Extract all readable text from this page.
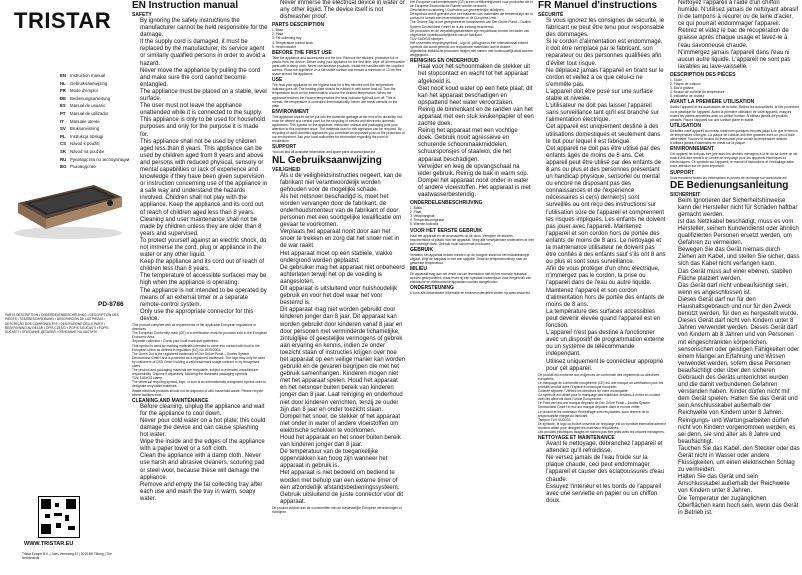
TRISTAR
EN Instruction manual
NL Gebruiksaanwijzing
FR Mode d'emploi
DE Bedienungsanleitung
ES Manual de usuario
PT Manual de utilizador
IT Manuale utente
SV Bruksanvisning
PL Instrukcja obsługi
CS Návod k použití
SK Návod na použitie
RU Руководство по эксплуатации
BG Ръководство
PD-8786
PARTS DESCRIPTION • ONDERDELENBESCHRIJVING • DESCRIPTION DES PIÈCES • TEILEBESCHREIBUNG • DESCRIPCIÓN DE LAS PIEZAS • DESCRIÇÃO DOS COMPONENTES • DESCRIZIONE DELLE PARTI • BESKRIVNING AV DELAR • OPIS CZĘŚCI • POPIS SOUČÁSTÍ • POPIS SÚČASTÍ • ОПИСАНИЕ ДЕТАЛЕЙ • ОПИСАНИЕ НА ЧАСТИТЕ
WWW.TRISTAR.EU
Tristar Europe B.V. | Jules Verneweg 87 | 5015 BH Tilburg | The Netherlands
EN Instruction manual
SAFETY
• By ignoring the safety instructions the manufacturer cannot be held responsible for the damage.
• If the supply cord is damaged, it must be replaced by the manufacturer, its service agent or similarly qualified persons in order to avoid a hazard.
• Never move the appliance by pulling the cord and make sure the cord cannot become entangled.
• The appliance must be placed on a stable, level surface.
• The user must not leave the appliance unattended while it is connected to the supply.
• This appliance is only to be used for household purposes and only for the purpose it is made for.
• This appliance shall not be used by children aged less than 8 years. This appliance can be used by children aged from 8 years and above and persons with reduced physical, sensory or mental capabilities or lack of experience and knowledge if they have been given supervision or instruction concerning use of the appliance in a safe way and understand the hazards involved. Children shall not play with the appliance. Keep the appliance and its cord out of reach of children aged less than 8 years. Cleaning and user maintenance shall not be made by children unless they are older than 8 years and supervised.
• To protect yourself against an electric shock, do not immerse the cord, plug or appliance in the water or any other liquid.
• Keep the appliance and its cord out of reach of children less than 8 years.
• The temperature of accessible surfaces may be high when the appliance is operating.
• The appliance is not intended to be operated by means of an external timer or a separate remote-control system.
• Only use the appropriate connector for this device.

This product complies with all requirements of the applicable European regulations or directives.

The European Conformity mark (CE) is a certification mark for products sold in the European Economic Area.

Separate collection / Check your local municipal guidelines.

This symbol is used for marking materials intended to come into contact with food in the European Union as defined in regulation (EC) No 1935/2004.

The Green Dot is the registered trademark of Der Grüne Punkt – Duales System Deutschland GmbH and is protected as a registered trademark. The logo may only be used by customers of DSD GmbH holding a valid trademark usage contract or by recognised users.

The product and packaging materials are recyclable, subject to extended manufacturer responsibility. Dispose it separately, following the illustrated packaging symbols.

TUV SUD/GS stamp

The universal recycling symbol, logo, or icon is an internationally recognized symbol used to designate recyclable materials.

Waste electrical products should not be disposed of with household waste. Please recycle where facilities exist.

CLEANING AND MAINTENANCE
• Before cleaning, unplug the appliance and wait for the appliance to cool down.
• Never pour cold water on a hot plate; this could damage the device and can cause splashing hot water.
• Wipe the inside and the edges of the appliance with a paper towel or a soft cloth.
• Clean the appliance with a damp cloth. Never use harsh and abrasive cleaners, scouring pad or steel wool, because these will damage the appliance.
• Remove and empty the fat collecting tray after each use and wash the tray in warm, soapy water.
• Never immerse the electrical device in water or any other liquid. The device itself is not dishwasher proof.
PARTS DESCRIPTION

1. Base

2. Plate

3. Fat collecting tray

4. Temperature control knob

5. Heat indicator

BEFORE THE FIRST USE

Take the appliance and accessories out the box. Remove the stickers, protective foil or plastic from the device. Before using your appliance for the first time, wipe off all removable parts with a damp cloth. Never use abrasive products. Install the handles with the supplied screws. Place the appliance on a flat stable surface and ensure a minimum of 10 cm free space around the appliance.

USE

The heat your appliance on the highest heat for a few minutes until the temperature indicator goes off. The heating plate should be rubbed in with some food oil. Turn the temperature knob on the thermostat to choose the desired temperature. When the appliance reaches the chosen temperature the heat indicator light will turn off. This is normal; the temperature is controlled thermostatically. Never use metal utensils on the plate.

ENVIRONMENT

This appliance should not be put into the domestic garbage at the end of its durability, but must be offered at a central point for the recycling of electric and electronic domestic appliances. This symbol on the appliance, instruction manual and packaging puts your attention to this important issue. The materials used in this appliance can be recycled. By recycling of used domestic appliances you contribute an important push to the protection of our environment. Ask your local authorities for information regarding the point of recollection.

SUPPORT

You can find all available information and spare parts at www.tristar.eu!

NL Gebruiksaanwijzing
VEILIGHEID
• Als u de veiligheidsinstructies negeert, kan de fabrikant niet verantwoordelijk worden gehouden voor de mogelijke schade.
• Als het netsnoer beschadigd is, moet het worden vervangen door de fabrikant, de onderhoudsmonteur van de fabrikant of door personen met een soortgelijke kwalificatie om gevaar te voorkomen.
• Verplaats het apparaat nooit door aan het snoer te trekken en zorg dat het snoer niet in de war raakt.
• Het apparaat moet op een stabiele, vlakke ondergrond worden geplaatst.
• De gebruiker mag het apparaat niet onbeheerd achterlaten terwijl het op de voeding is aangesloten.
• Dit apparaat is uitsluitend voor huishoudelijk gebruik en voor het doel waar het voor bestemd is.
• Dit apparaat mag niet worden gebruikt door kinderen jonger dan 8 jaar. Dit apparaat kan worden gebruikt door kinderen vanaf 8 jaar en door personen met verminderde lichamelijke, zintuiglijke of geestelijke vermogens of gebrek aan ervaring en kennis, indien ze onder toezicht staan of instructies krijgen over hoe het apparaat op een veilige manier kan worden gebruikt en de gevaren begrijpen die met het gebruik samenhangen. Kinderen mogen niet met het apparaat spelen. Houd het apparaat en het netsnoer buiten bereik van kinderen jonger dan 8 jaar. Laat reiniging en onderhoud niet door kinderen verrichten, tenzij ze ouder zijn dan 8 jaar en onder toezicht staan.
• Dompel het snoer, de stekker of het apparaat niet onder in water of andere vloeistoffen om elektrische schokken te voorkomen.
• Houd het apparaat en het snoer buiten bereik van kinderen jonger dan 8 jaar.
• De temperatuur van de toegankelijke oppervlakken kan hoog zijn wanneer het apparaat in gebruik is.
• Het apparaat is niet bedoeld om bediend te worden met behulp van een externe timer of een afzonderlijk afstandsbedieningssysteem.
• Gebruik uitsluitend de juiste connector voor dit apparaat.

Dit product voldoet aan de voorschriften van de toepasselijke Europese verordeningen of richtlijnen.

Het Europese conformiteitsmerk (CE) is een certificeringsmerk voor producten die in de Europese Economische Ruimte worden verkocht.

Gescheiden inzameling / Controleer uw gemeentelijke richtlijnen.

Dit symbool wordt gebruikt voor het markeren van materialen die bestemd zijn om in contact te komen met levensmiddelen in de Europese Unie.

The Groene Stip is het geregistreerde handelsmerk van Der Grüne Punkt – Duales System Deutschland GmbH en is als zodanig beschermd.

De producten en de verpakkingsmaterialen zijn recyclebaar, binnen het kader van uitgebreide verantwoordelijkheid van de fabrikant.

TUV SUD/GS stempel

Het universele recyclingsymbool, -logo of -pictogram is een internationaal erkend symbool dat wordt gebruikt om recyclebare materialen aan te duiden.

Afgedankte elektrische producten mogen niet samen met huishoudelijk afval worden weggegooid.

REINIGING EN ONDERHOUD
• Haal voor het schoonmaken de stekker uit het stopcontact en wacht tot het apparaat afgekoeld is.
• Giet nooit koud water op een hete plaat; dit kan het apparaat beschadigen en opspattend heet water veroorzaken.
• Reinig de binnenkant en de randen van het apparaat met een stuk keukenpapier of een zachte doek.
• Reinig het apparaat met een vochtige doek. Gebruik nooit agressieve en schurende schoonmaakmiddelen, schuursponsjes of staalwol, die het apparaat beschadigen.
• Verwijder en leeg de opvangschaal na ieder gebruik. Reinig de bak in warm sop.
• Dompel het apparaat nooit onder in water of andere vloeistoffen. Het apparaat is niet vaatwasserbestendig.
ONDERDELENBESCHRIJVING

1. Basis

2. Plaat

3. Vetopvangbak

4. Temperatuurregelaar

5. Warmte-indicator

VOOR HET EERSTE GEBRUIK

Haal het apparaat en de accessoires uit de doos. Verwijder de stickers, beschermfolie of plastic van het apparaat. Veeg alle verwijderbare onderdelen af met een vochtige doek. Gebruik nooit schurende producten.

GEBRUIK

Verwarm het apparaat enkele minuten op de hoogste stand tot het indicatielampje uitgaat. Wrijf de bakplaat in met wat spijsolie. Draai de temperatuurknop naar de gewenste temperatuur.

MILIEU

Dit apparaat mag aan het einde van de levensduur niet bij het normale huisafval worden gedeponeerd, maar moet bij een speciaal inzamelpunt voor hergebruik van elektrische en elektronische apparaten worden aangeboden.

ONDERSTEUNING

U kunt alle beschikbare informatie en reserveonderdelen vinden op www.tristar.eu!

FR Manuel d'instructions
SÉCURITÉ
• Si vous ignorez les consignes de sécurité, le fabricant ne peut être tenu pour responsable des dommages.
• Si le cordon d'alimentation est endommagé, il doit être remplacé par le fabricant, son réparateur ou des personnes qualifiées afin d'éviter tout risque.
• Ne déplacez jamais l'appareil en tirant sur le cordon et veillez à ce que celui-ci ne s'emmêle pas.
• L'appareil doit être posé sur une surface stable et nivelée.
• L'utilisateur ne doit pas laisser l'appareil sans surveillance tant qu'il est branché sur l'alimentation électrique.
• Cet appareil est uniquement destiné à des utilisations domestiques et seulement dans le but pour lequel il est fabriqué.
• Cet appareil ne doit pas être utilisé par des enfants âgés de moins de 8 ans. Cet appareil peut être utilisé par des enfants de 8 ans ou plus et des personnes présentant un handicap physique, sensoriel ou mental ou encore ne disposant pas des connaissances et de l'expérience nécessaires si ce(s) dernier(s) sont surveillés ou ont reçu des instructions sur l'utilisation sûre de l'appareil et comprennent les risques impliqués. Les enfants ne doivent pas jouer avec l'appareil. Maintenez l'appareil et son cordon hors de portée des enfants de moins de 8 ans. Le nettoyage et la maintenance utilisateur ne doivent pas être confiés à des enfants sauf s'ils ont 8 ans ou plus et sont sous surveillance.
• Afin de vous protéger d'un choc électrique, n'immergez pas le cordon, la prise ou l'appareil dans de l'eau ou autre liquide.
• Maintenez l'appareil et son cordon d'alimentation hors de portée des enfants de moins de 8 ans.
• La température des surfaces accessibles peut devenir élevée quand l'appareil est en fonction.
• L'appareil n'est pas destiné à fonctionner avec un dispositif de programmation externe ou un système de télécommande indépendant.
• Utilisez uniquement le connecteur approprié pour cet appareil.

Ce produit est conforme aux exigences de conformité des règlements ou directives européens.

Le marquage de conformité européenne (CE) est une marque de certification pour les produits vendus dans l'Espace économique européen.

Collecte séparée / Vérifiez les directives de votre municipalité.

Ce symbole est utilisé pour le marquage des matériaux destinés à entrer en contact avec les aliments dans l'Union Européenne.

Le Point vert est une marque déposée de Der Grüne Punkt – Duales System Deutschland GmbH et est une marque déposée dans le monde entier.

Le produit et les matériaux d'emballage sont recyclables, sous réserve de la responsabilité élargie du fabricant.

Tampon TUV SUD/GS

Le symbole, le logo ou l'icône universel de recyclage est un symbole internationalement reconnu utilisé pour désigner les matériaux recyclables.

Les produits électriques usagés ne doivent pas être jetés avec les ordures ménagères.

NETTOYAGE ET MAINTENANCE
• Avant le nettoyage, débranchez l'appareil et attendez qu'il refroidisse.
• Ne versez jamais de l'eau froide sur la plaque chaude, ceci peut endommager l'appareil et causer des éclaboussures d'eau chaude.
• Essuyez l'intérieur et les bords de l'appareil avec une serviette en papier ou un chiffon doux.
• Nettoyez l'appareil à l'aide d'un chiffon humide. N'utilisez jamais de nettoyant abrasif ni de tampons à récurer ou de laine d'acier, ce qui pourrait endommager l'appareil.
• Retirez et videz le bac de récupération de graisse après chaque usage et lavez-le à l'eau savonneuse chaude.
• N'immergez jamais l'appareil dans l'eau ni aucun autre liquide. L'appareil ne sont pas lavables au lave-vaisselle.
DESCRIPTION DES PIÈCES

1. Socle

2. Plaque de cuisson

3. Bac à graisse

4. Bouton de contrôle de température

5. Indicateur de chaleur

AVANT LA PREMIÈRE UTILISATION

Sortez l'appareil et les accessoires de la boîte. Retirez les autocollants, le film protecteur ou le plastique de l'appareil. Avant la première utilisation de votre appareil, essuyez toutes les pièces amovibles avec un chiffon humide. N'utilisez jamais de produits abrasifs. Placez l'appareil sur une surface plane et stable.

UTILISATION

Chauffez votre appareil au niveau maximum quelques minutes jusqu'à ce que le témoin de température s'éteigne. La plaque de cuisson doit être graissée avec un peu d'huile alimentaire. Tournez le bouton du thermostat pour choisir la température désirée. N'utilisez jamais d'ustensiles en métal sur la plaque.

ENVIRONNEMENT

Cet appareil ne doit pas être jeté avec les déchets ménagers à la fin de sa durée de vie, mais il doit être remis à un centre de recyclage pour les appareils électriques et électroniques. Ce symbole sur l'appareil, le manuel d'instructions et l'emballage attire votre attention sur ce point important.

SUPPORT

Vous trouverez toutes les informations et pièces de rechange sur www.tristar.eu!

DE Bedienungsanleitung
SICHERHEIT
• Beim Ignorieren der Sicherheitshinweise kann der Hersteller nicht für Schäden haftbar gemacht werden.
• Ist das Netzkabel beschädigt, muss es vom Hersteller, seinem Kundendienst oder ähnlich qualifizierten Personen ersetzt werden, um Gefahren zu vermeiden.
• Bewegen Sie das Gerät niemals durch Ziehen am Kabel, und stellen Sie sicher, dass sich das Kabel nicht verfangen kann.
• Das Gerät muss auf einer ebenen, stabilen Fläche platziert werden.
• Das Gerät darf nicht unbeaufsichtigt sein, wenn es angeschlossen ist.
• Dieses Gerät darf nur für den Haushaltsgebrauch und nur für den Zweck benutzt werden, für den es hergestellt wurde.
• Dieses Gerät darf nicht von Kindern unter 8 Jahren verwendet werden. Dieses Gerät darf von Kindern ab 8 Jahren und von Personen mit eingeschränkten körperlichen, sensorischen oder geistigen Fähigkeiten oder einem Mangel an Erfahrung und Wissen verwendet werden, sofern diese Personen beaufsichtigt oder über den sicheren Gebrauch des Geräts unterrichtet wurden und die damit verbundenen Gefahren verstanden haben. Kinder dürfen nicht mit dem Gerät spielen. Halten Sie das Gerät und sein Anschlusskabel außerhalb der Reichweite von Kindern unter 8 Jahren. Reinigungs- und Wartungsarbeiten dürfen nicht von Kindern vorgenommen werden, es sei denn, sie sind älter als 8 Jahre und beaufsichtigt.
• Tauchen Sie das Kabel, den Stecker oder das Gerät nicht in Wasser oder andere Flüssigkeiten, um einen elektrischen Schlag zu vermeiden.
• Halten Sie das Gerät und sein Anschlusskabel außerhalb der Reichweite von Kindern unter 8 Jahren.
• Die Temperatur der zugänglichen Oberflächen kann hoch sein, wenn das Gerät in Betrieb ist.
